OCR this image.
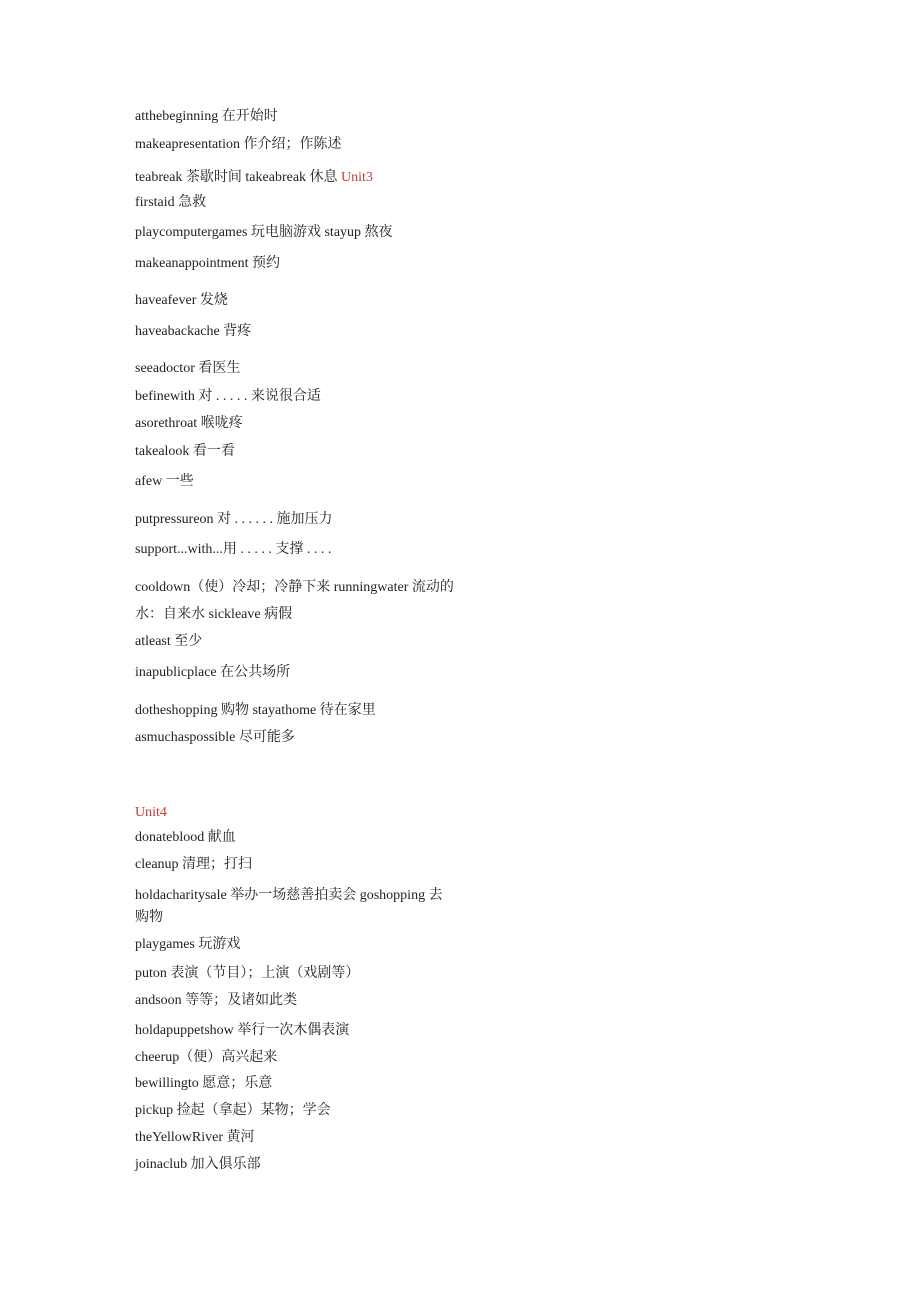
atthebeginning 在开始时
makeapresentation 作介绍；作陈述
teabreak 茶歇时间 takeabreak 休息 Unit3
firstaid 急救
playcomputergames 玩电脑游戏 stayup 熬夜
makeanappointment 预约
haveafever 发烧
haveabackache 背疼
seeadoctor 看医生
befinewith 对 . . . . . 来说很合适
asorethroat 喉咙疼
takealook 看一看
afew 一些
putpressureon 对 . . . . . . 施加压力
support...with...用 . . . . . 支撑 . . . .
cooldown（使）冷却；冷静下来 runningwater 流动的
水：自来水 sickleave 病假
atleast 至少
inapublicplace 在公共场所
dotheshopping 购物 stayathome 待在家里
asmuchaspossible 尽可能多
Unit4
donateblood 献血
cleanup 清理；打扫
holdacharitysale 举办一场慈善拍卖会 goshopping 去
购物
playgames 玩游戏
puton 表演（节目）；上演（戏剧等）
andsoon 等等；及诸如此类
holdapuppetshow 举行一次木偶表演
cheerup（便）高兴起来
bewillingto 愿意；乐意
pickup 捡起（拿起）某物；学会
theYellowRiver 黄河
joinaclub 加入俱乐部
